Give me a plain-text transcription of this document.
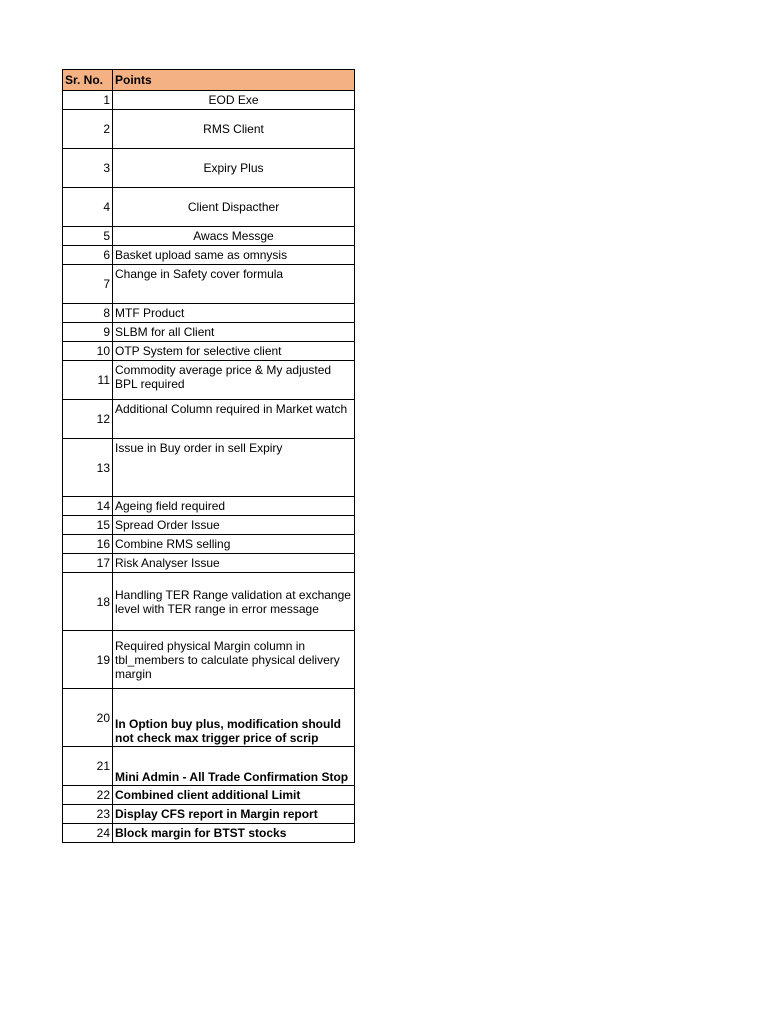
Sr. No.	Points
1	EOD Exe
2	RMS Client
3	Expiry Plus
4	Client Dispacther
5	Awacs Messge
6	Basket upload same as omnysis
7	Change in Safety cover formula
8	MTF Product
9	SLBM for all Client
10	OTP System for selective client
11	Commodity average price & My adjusted BPL required
12	Additional Column required in Market watch
13	Issue in Buy order in sell Expiry
14	Ageing field required
15	Spread Order Issue
16	Combine RMS selling
17	Risk Analyser Issue
18	Handling TER Range validation at exchange level with TER range in error message
19	Required physical Margin column in tbl_members to calculate physical delivery margin
20	In Option buy plus, modification should not check max trigger price of scrip
21	Mini Admin - All Trade Confirmation Stop
22	Combined client additional Limit
23	Display CFS report in Margin report
24	Block margin for BTST stocks
